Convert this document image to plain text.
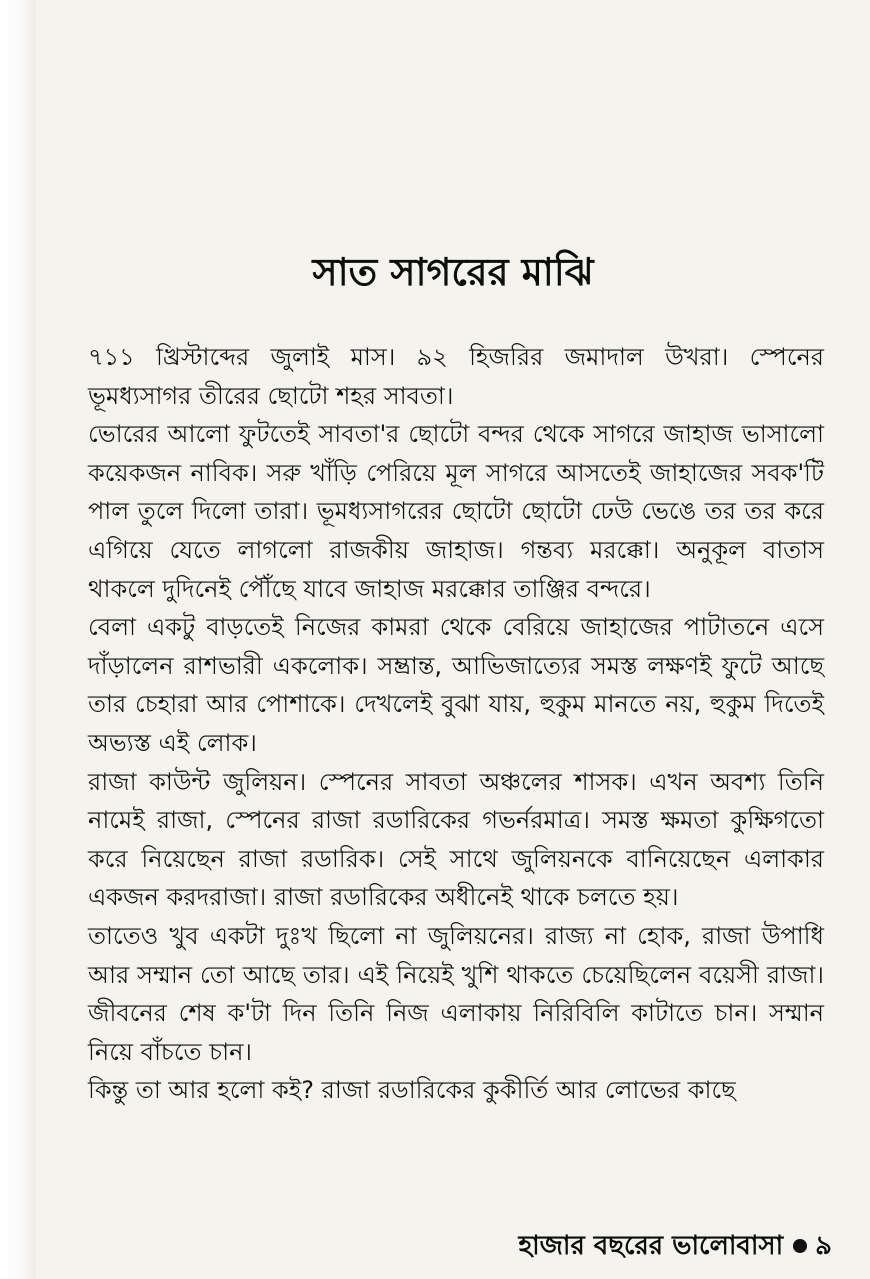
সাত সাগরের মাঝি

৭১১ খ্রিস্টাব্দের জুলাই মাস। ৯২ হিজরির জমাদাল উখরা। স্পেনের ভূমধ্যসাগর তীরের ছোটো শহর সাবতা।

ভোরের আলো ফুটতেই সাবতা'র ছোটো বন্দর থেকে সাগরে জাহাজ ভাসালো কয়েকজন নাবিক। সরু খাঁড়ি পেরিয়ে মূল সাগরে আসতেই জাহাজের সবক'টি পাল তুলে দিলো তারা। ভূমধ্যসাগরের ছোটো ছোটো ঢেউ ভেঙে তর তর করে এগিয়ে যেতে লাগলো রাজকীয় জাহাজ। গন্তব্য মরক্কো। অনুকূল বাতাস থাকলে দুদিনেই পৌঁছে যাবে জাহাজ মরক্কোর তাঞ্জির বন্দরে।

বেলা একটু বাড়তেই নিজের কামরা থেকে বেরিয়ে জাহাজের পাটাতনে এসে দাঁড়ালেন রাশভারী একলোক। সম্ভ্রান্ত, আভিজাত্যের সমস্ত লক্ষণই ফুটে আছে তার চেহারা আর পোশাকে। দেখলেই বুঝা যায়, হুকুম মানতে নয়, হুকুম দিতেই অভ্যস্ত এই লোক।

রাজা কাউন্ট জুলিয়ন। স্পেনের সাবতা অঞ্চলের শাসক। এখন অবশ্য তিনি নামেই রাজা, স্পেনের রাজা রডারিকের গভর্নরমাত্র। সমস্ত ক্ষমতা কুক্ষিগতো করে নিয়েছেন রাজা রডারিক। সেই সাথে জুলিয়নকে বানিয়েছেন এলাকার একজন করদরাজা। রাজা রডারিকের অধীনেই থাকে চলতে হয়।

তাতেও খুব একটা দুঃখ ছিলো না জুলিয়নের। রাজ্য না হোক, রাজা উপাধি আর সম্মান তো আছে তার। এই নিয়েই খুশি থাকতে চেয়েছিলেন বয়েসী রাজা। জীবনের শেষ ক'টা দিন তিনি নিজ এলাকায় নিরিবিলি কাটাতে চান। সম্মান নিয়ে বাঁচতে চান।

কিন্তু তা আর হলো কই? রাজা রডারিকের কুকীর্তি আর লোভের কাছে

হাজার বছরের ভালোবাসা ৯
